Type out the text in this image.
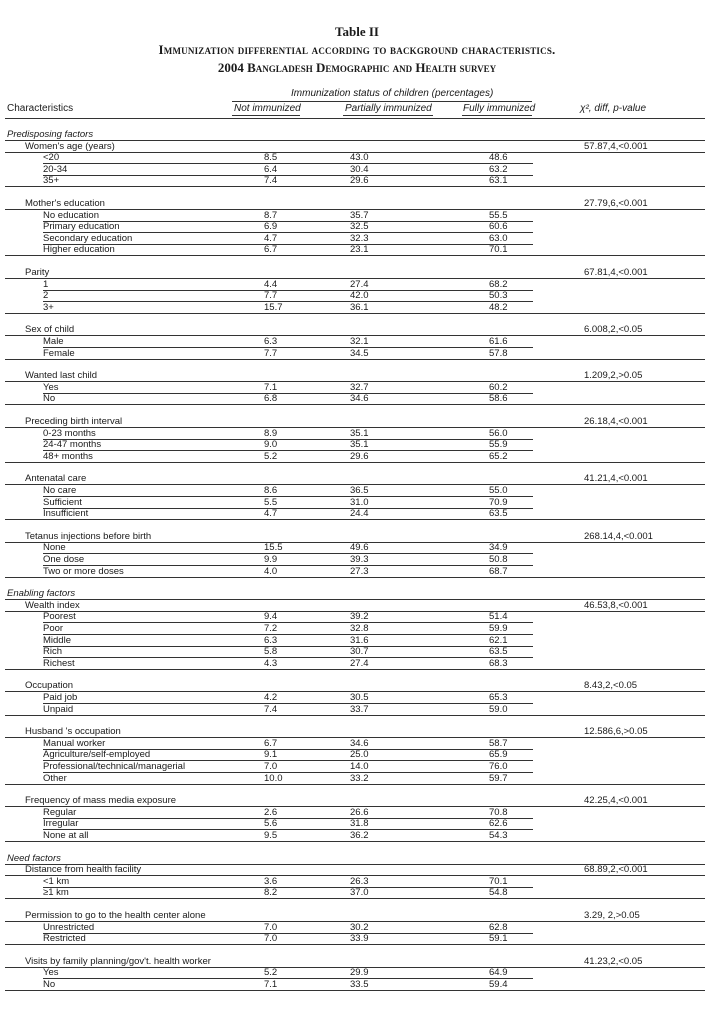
Table II
Immunization differential according to background characteristics.
2004 Bangladesh Demographic and Health survey
Immunization status of children (percentages)
Characteristics	Not immunized	Partially immunized	Fully immunized	χ², diff, p-value
Predisposing factors
Women's age (years)	57.87,4,<0.001
<20	8.5	43.0	48.6
20-34	6.4	30.4	63.2
35+	7.4	29.6	63.1
Mother's education	27.79,6,<0.001
No education	8.7	35.7	55.5
Primary education	6.9	32.5	60.6
Secondary education	4.7	32.3	63.0
Higher education	6.7	23.1	70.1
Parity	67.81,4,<0.001
1	4.4	27.4	68.2
2	7.7	42.0	50.3
3+	15.7	36.1	48.2
Sex of child	6.008,2,<0.05
Male	6.3	32.1	61.6
Female	7.7	34.5	57.8
Wanted last child	1.209,2,>0.05
Yes	7.1	32.7	60.2
No	6.8	34.6	58.6
Preceding birth interval	26.18,4,<0.001
0-23 months	8.9	35.1	56.0
24-47 months	9.0	35.1	55.9
48+ months	5.2	29.6	65.2
Antenatal care	41.21,4,<0.001
No care	8.6	36.5	55.0
Sufficient	5.5	31.0	70.9
Insufficient	4.7	24.4	63.5
Tetanus injections before birth	268.14,4,<0.001
None	15.5	49.6	34.9
One dose	9.9	39.3	50.8
Two or more doses	4.0	27.3	68.7
Enabling factors
Wealth index	46.53,8,<0.001
Poorest	9.4	39.2	51.4
Poor	7.2	32.8	59.9
Middle	6.3	31.6	62.1
Rich	5.8	30.7	63.5
Richest	4.3	27.4	68.3
Occupation	8.43,2,<0.05
Paid job	4.2	30.5	65.3
Unpaid	7.4	33.7	59.0
Husband 's occupation	12.586,6,>0.05
Manual worker	6.7	34.6	58.7
Agriculture/self-employed	9.1	25.0	65.9
Professional/technical/managerial	7.0	14.0	76.0
Other	10.0	33.2	59.7
Frequency of mass media exposure	42.25,4,<0.001
Regular	2.6	26.6	70.8
Irregular	5.6	31.8	62.6
None at all	9.5	36.2	54.3
Need factors
Distance from health facility	68.89,2,<0.001
<1 km	3.6	26.3	70.1
≥1 km	8.2	37.0	54.8
Permission to go to the health center alone	3.29, 2,>0.05
Unrestricted	7.0	30.2	62.8
Restricted	7.0	33.9	59.1
Visits by family planning/gov't. health worker	41.23,2,<0.05
Yes	5.2	29.9	64.9
No	7.1	33.5	59.4
